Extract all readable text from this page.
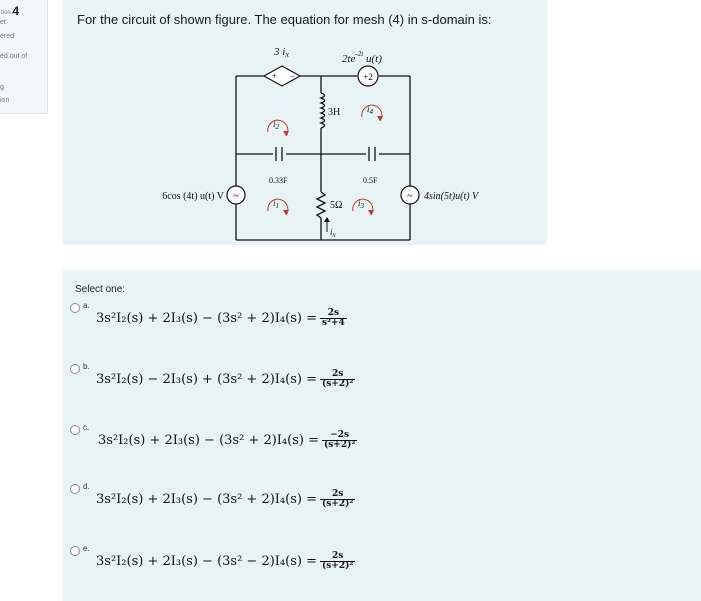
tion 4
et
ered
ed out of
g
ion
For the circuit of shown figure. The equation for mesh (4) in s-domain is:
+ −	+2
~	~
3 ix	$2te^{-2t}$ u(t)
3H
0.33F	0.5F
5Ω
$i_x$
$i_2$
$i_1$
$i_4$
$i_3$
6cos (4t) u(t) V	4sin(5t)u(t) V
Select one:
a.
$3s^2I_2(s) + 2I_3(s) - (3s^2 + 2)I_4(s) = \frac{2s}{\text{s²+4}}$
b.
$3s^2I_2(s) - 2I_3(s) + (3s^2 + 2)I_4(s) = \frac{2s}{\text{(s+2)²}}$
c.
$3s^2I_2(s) + 2I_3(s) - (3s^2 + 2)I_4(s) = \frac{-2s}{\text{(s+2)²}}$
d.
$3s^2I_2(s) + 2I_3(s) - (3s^2 + 2)I_4(s) = \frac{2s}{\text{(s+2)²}}$
e.
$3s^2I_2(s) + 2I_3(s) - (3s^2 - 2)I_4(s) = \frac{2s}{\text{(s+2)²}}$
